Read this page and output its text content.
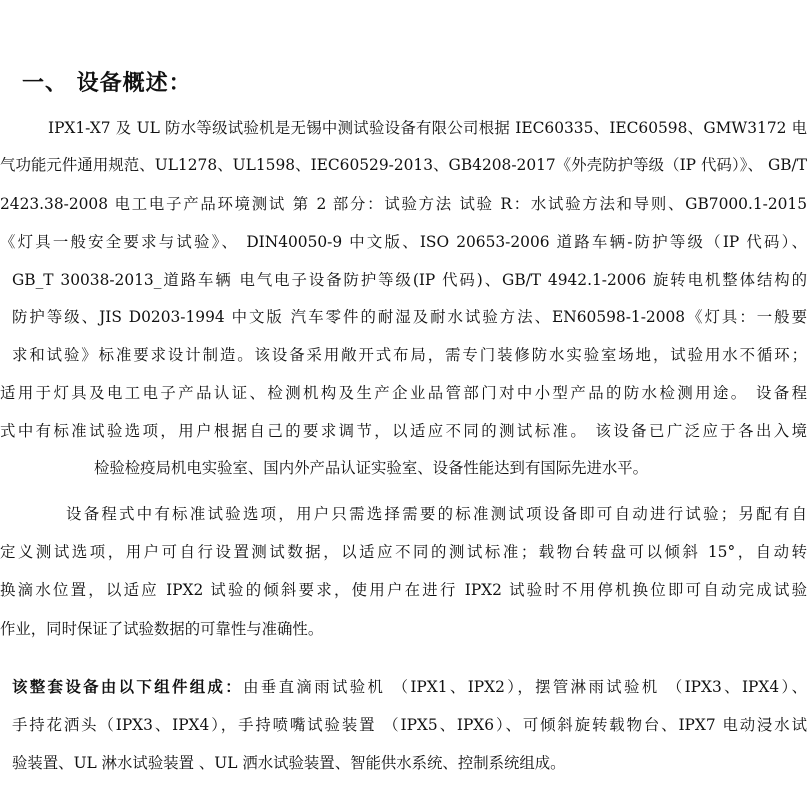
一、 设备概述：
IPX1-X7 及 UL 防水等级试验机是无锡中测试验设备有限公司根据 IEC60335、IEC60598、GMW3172 电
气功能元件通用规范、UL1278、UL1598、IEC60529-2013、GB4208-2017《外壳防护等级（IP 代码）》、 GB/T
2423.38-2008 电工电子产品环境测试 第 2 部分：试验方法 试验 R：水试验方法和导则、GB7000.1-2015
《灯具一般安全要求与试验》、 DIN40050-9 中文版、ISO 20653-2006 道路车辆-防护等级（IP 代码）、
GB_T 30038-2013_道路车辆 电气电子设备防护等级(IP 代码)、GB/T 4942.1-2006 旋转电机整体结构的
防护等级、JIS D0203-1994 中文版 汽车零件的耐湿及耐水试验方法、EN60598-1-2008《灯具：一般要
求和试验》标准要求设计制造。该设备采用敞开式布局，需专门装修防水实验室场地，试验用水不循环；
适用于灯具及电工电子产品认证、检测机构及生产企业品管部门对中小型产品的防水检测用途。 设备程
式中有标准试验选项，用户根据自己的要求调节，以适应不同的测试标准。 该设备已广泛应于各出入境
检验检疫局机电实验室、国内外产品认证实验室、设备性能达到有国际先进水平。
设备程式中有标准试验选项，用户只需选择需要的标准测试项设备即可自动进行试验；另配有自
定义测试选项，用户可自行设置测试数据，以适应不同的测试标准；载物台转盘可以倾斜 15°，自动转
换滴水位置，以适应 IPX2 试验的倾斜要求，使用户在进行 IPX2 试验时不用停机换位即可自动完成试验
作业，同时保证了试验数据的可靠性与准确性。
该整套设备由以下组件组成：由垂直滴雨试验机 （IPX1、IPX2），摆管淋雨试验机 （IPX3、IPX4）、
手持花洒头（IPX3、IPX4），手持喷嘴试验装置 （IPX5、IPX6）、可倾斜旋转载物台、IPX7 电动浸水试
验装置、UL 淋水试验装置 、UL 洒水试验装置、智能供水系统、控制系统组成。
